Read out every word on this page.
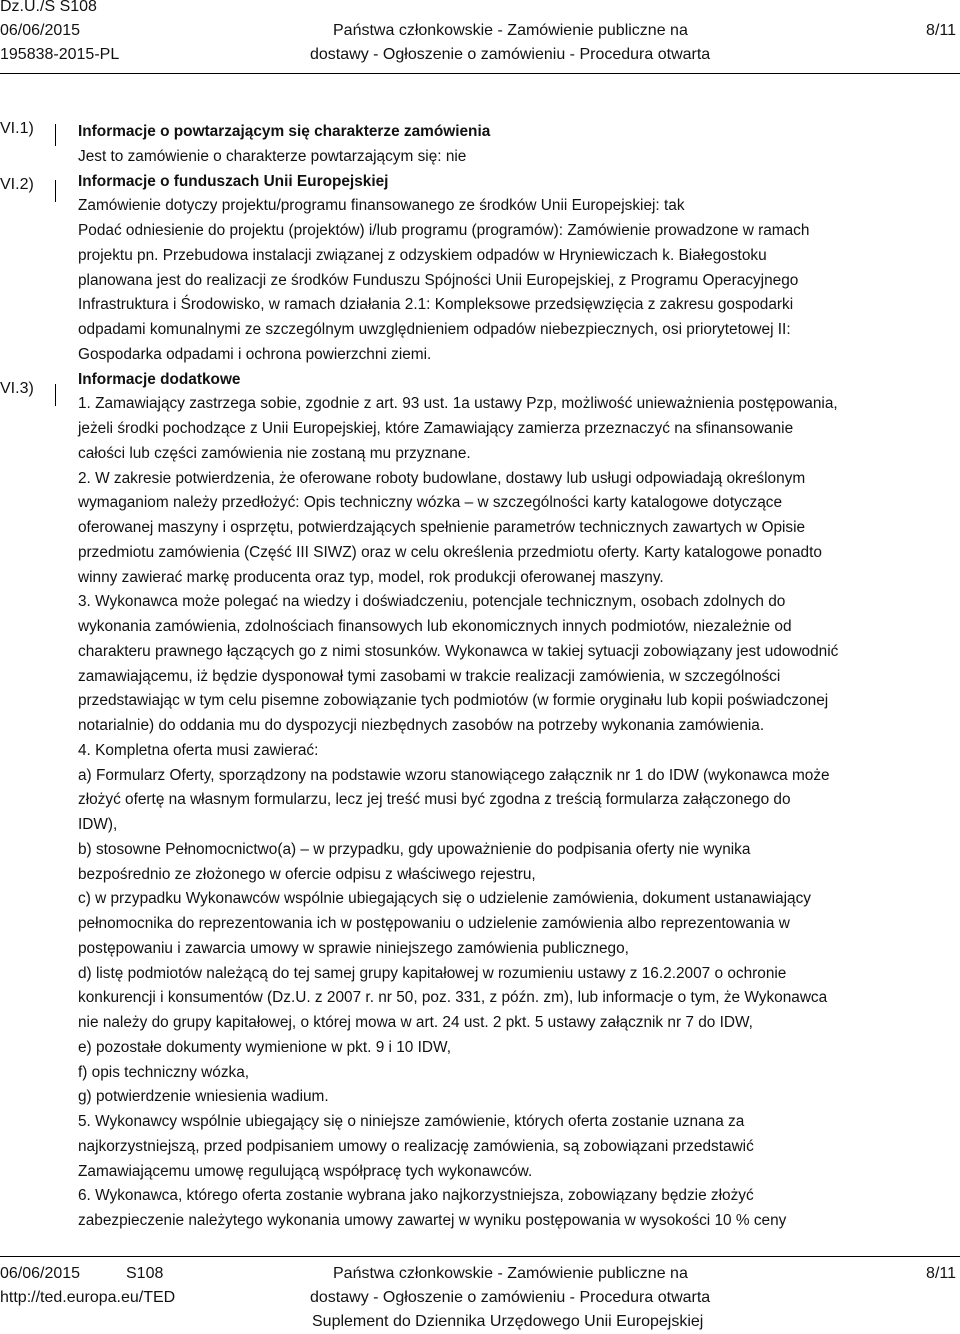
Dz.U./S S108
06/06/2015
195838-2015-PL
Państwa członkowskie - Zamówienie publiczne na
dostawy - Ogłoszenie o zamówieniu - Procedura otwarta
8/11
VI.1)
VI.2)
VI.3)
Informacje o powtarzającym się charakterze zamówienia
Jest to zamówienie o charakterze powtarzającym się: nie
Informacje o funduszach Unii Europejskiej
Zamówienie dotyczy projektu/programu finansowanego ze środków Unii Europejskiej: tak
Podać odniesienie do projektu (projektów) i/lub programu (programów): Zamówienie prowadzone w ramach
projektu pn. Przebudowa instalacji związanej z odzyskiem odpadów w Hryniewiczach k. Białegostoku
planowana jest do realizacji ze środków Funduszu Spójności Unii Europejskiej, z Programu Operacyjnego
Infrastruktura i Środowisko, w ramach działania 2.1: Kompleksowe przedsięwzięcia z zakresu gospodarki
odpadami komunalnymi ze szczególnym uwzględnieniem odpadów niebezpiecznych, osi priorytetowej II:
Gospodarka odpadami i ochrona powierzchni ziemi.
Informacje dodatkowe
1. Zamawiający zastrzega sobie, zgodnie z art. 93 ust. 1a ustawy Pzp, możliwość unieważnienia postępowania,
jeżeli środki pochodzące z Unii Europejskiej, które Zamawiający zamierza przeznaczyć na sfinansowanie
całości lub części zamówienia nie zostaną mu przyznane.
2. W zakresie potwierdzenia, że oferowane roboty budowlane, dostawy lub usługi odpowiadają określonym
wymaganiom należy przedłożyć: Opis techniczny wózka – w szczególności karty katalogowe dotyczące
oferowanej maszyny i osprzętu, potwierdzających spełnienie parametrów technicznych zawartych w Opisie
przedmiotu zamówienia (Część III SIWZ) oraz w celu określenia przedmiotu oferty. Karty katalogowe ponadto
winny zawierać markę producenta oraz typ, model, rok produkcji oferowanej maszyny.
3. Wykonawca może polegać na wiedzy i doświadczeniu, potencjale technicznym, osobach zdolnych do
wykonania zamówienia, zdolnościach finansowych lub ekonomicznych innych podmiotów, niezależnie od
charakteru prawnego łączących go z nimi stosunków. Wykonawca w takiej sytuacji zobowiązany jest udowodnić
zamawiającemu, iż będzie dysponował tymi zasobami w trakcie realizacji zamówienia, w szczególności
przedstawiając w tym celu pisemne zobowiązanie tych podmiotów (w formie oryginału lub kopii poświadczonej
notarialnie) do oddania mu do dyspozycji niezbędnych zasobów na potrzeby wykonania zamówienia.
4. Kompletna oferta musi zawierać:
a) Formularz Oferty, sporządzony na podstawie wzoru stanowiącego załącznik nr 1 do IDW (wykonawca może
złożyć ofertę na własnym formularzu, lecz jej treść musi być zgodna z treścią formularza załączonego do
IDW),
b) stosowne Pełnomocnictwo(a) – w przypadku, gdy upoważnienie do podpisania oferty nie wynika
bezpośrednio ze złożonego w ofercie odpisu z właściwego rejestru,
c) w przypadku Wykonawców wspólnie ubiegających się o udzielenie zamówienia, dokument ustanawiający
pełnomocnika do reprezentowania ich w postępowaniu o udzielenie zamówienia albo reprezentowania w
postępowaniu i zawarcia umowy w sprawie niniejszego zamówienia publicznego,
d) listę podmiotów należącą do tej samej grupy kapitałowej w rozumieniu ustawy z 16.2.2007 o ochronie
konkurencji i konsumentów (Dz.U. z 2007 r. nr 50, poz. 331, z późn. zm), lub informacje o tym, że Wykonawca
nie należy do grupy kapitałowej, o której mowa w art. 24 ust. 2 pkt. 5 ustawy załącznik nr 7 do IDW,
e) pozostałe dokumenty wymienione w pkt. 9 i 10 IDW,
f) opis techniczny wózka,
g) potwierdzenie wniesienia wadium.
5. Wykonawcy wspólnie ubiegający się o niniejsze zamówienie, których oferta zostanie uznana za
najkorzystniejszą, przed podpisaniem umowy o realizację zamówienia, są zobowiązani przedstawić
Zamawiającemu umowę regulującą współpracę tych wykonawców.
6. Wykonawca, którego oferta zostanie wybrana jako najkorzystniejsza, zobowiązany będzie złożyć
zabezpieczenie należytego wykonania umowy zawartej w wyniku postępowania w wysokości 10 % ceny
06/06/2015	S108
http://ted.europa.eu/TED
Państwa członkowskie - Zamówienie publiczne na
dostawy - Ogłoszenie o zamówieniu - Procedura otwarta
Suplement do Dziennika Urzędowego Unii Europejskiej
8/11
